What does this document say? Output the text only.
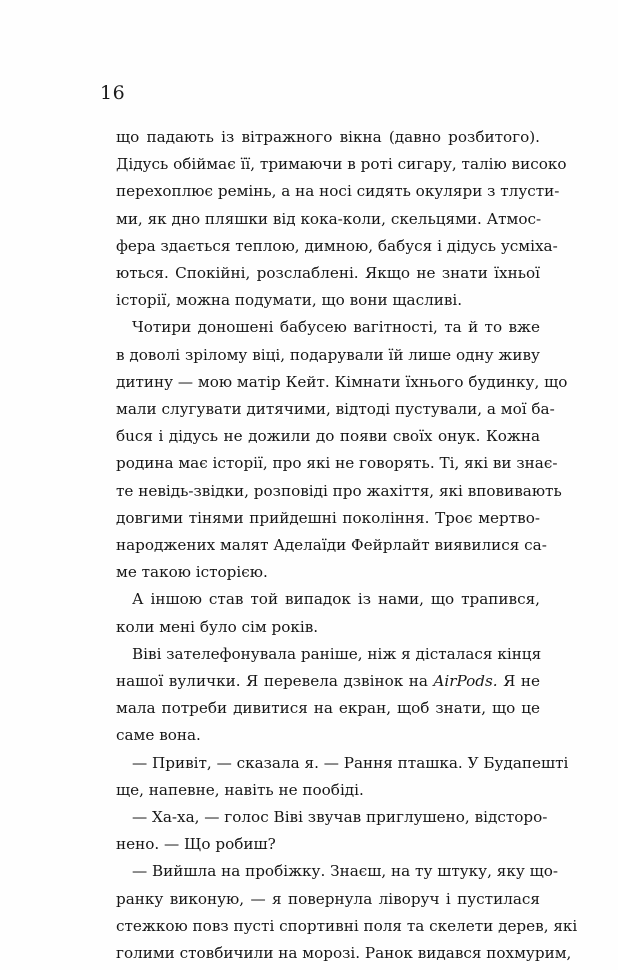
16
що падають із вітражного вікна (давно розбитого).
Дідусь обіймає її, тримаючи в роті сигару, талію високо
перехоплює ремінь, а на носі сидять окуляри з тлусти-
ми, як дно пляшки від кока-коли, скельцями. Атмос-
фера здається теплою, димною, бабуся і дідусь усміха-
ються. Спокійні, розслаблені. Якщо не знати їхньої
історії, можна подумати, що вони щасливі.
Чотири доношені бабусею вагітності, та й то вже
в доволі зрілому віці, подарували їй лише одну живу
дитину — мою матір Кейт. Кімнати їхнього будинку, що
мали слугувати дитячими, відтоді пустували, а мої ба-
бuся і дідусь не дожили до появи своїх онук. Кожна
родина має історії, про які не говорять. Ті, які ви знає-
те невідь-звідки, розповіді про жахіття, які вповивають
довгими тінями прийдешні покоління. Троє мертво-
народжених малят Аделаїди Фейрлайт виявилися са-
ме такою історією.
А іншою став той випадок із нами, що трапився,
коли мені було сім років.
Віві зателефонувала раніше, ніж я дісталася кінця
нашої вулички. Я перевела дзвінок на AirPods. Я не
мала потреби дивитися на екран, щоб знати, що це
саме вона.
— Привіт, — сказала я. — Рання пташка. У Будапешті
ще, напевне, навіть не пообіді.
— Ха-ха, — голос Віві звучав приглушено, відсторо-
нено. — Що робиш?
— Вийшла на пробіжку. Знаєш, на ту штуку, яку що-
ранку виконую, — я повернула ліворуч і пустилася
стежкою повз пусті спортивні поля та скелети дерев, які
голими стовбичили на морозі. Ранок видався похмурим,
